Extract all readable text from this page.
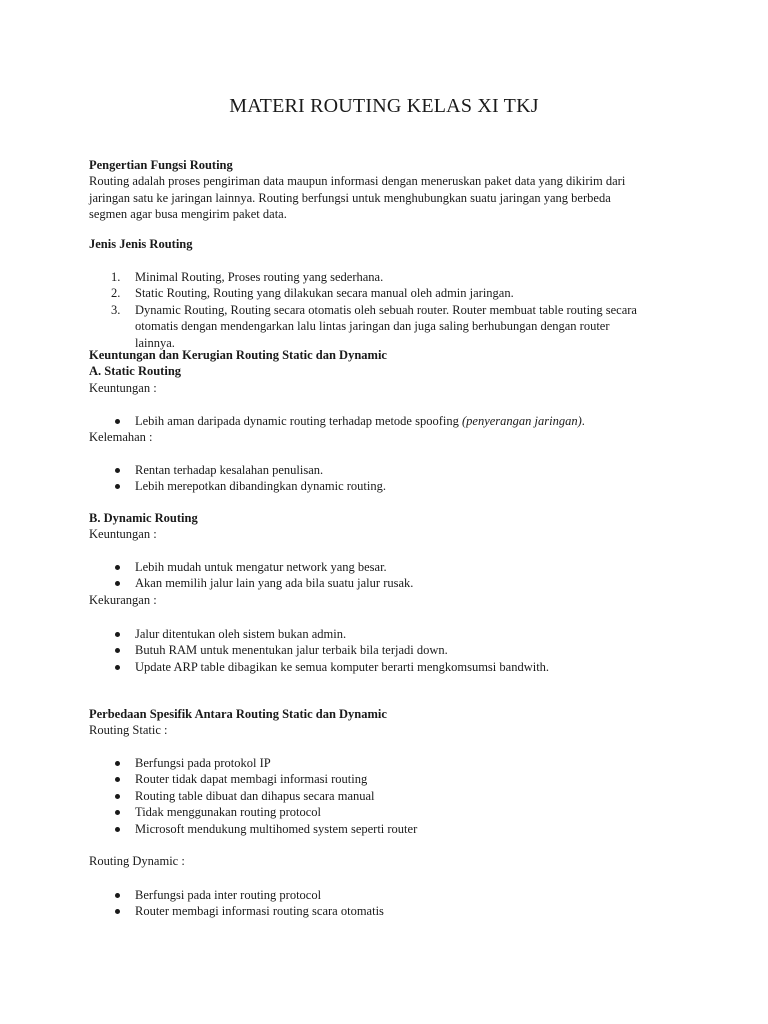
MATERI ROUTING KELAS XI TKJ
Pengertian Fungsi Routing
Routing adalah proses pengiriman data maupun informasi dengan meneruskan paket data yang dikirim dari
jaringan satu ke jaringan lainnya. Routing berfungsi untuk menghubungkan suatu jaringan yang berbeda
segmen agar busa mengirim paket data.
Jenis Jenis Routing
1. Minimal Routing, Proses routing yang sederhana.
2. Static Routing, Routing yang dilakukan secara manual oleh admin jaringan.
3. Dynamic Routing, Routing secara otomatis oleh sebuah router. Router membuat table routing secara
otomatis dengan mendengarkan lalu lintas jaringan dan juga saling berhubungan dengan router
lainnya.
Keuntungan dan Kerugian Routing Static dan Dynamic
A. Static Routing
Keuntungan :
Lebih aman daripada dynamic routing terhadap metode spoofing (penyerangan jaringan).
Kelemahan :
Rentan terhadap kesalahan penulisan.
Lebih merepotkan dibandingkan dynamic routing.
B. Dynamic Routing
Keuntungan :
Lebih mudah untuk mengatur network yang besar.
Akan memilih jalur lain yang ada bila suatu jalur rusak.
Kekurangan :
Jalur ditentukan oleh sistem bukan admin.
Butuh RAM untuk menentukan jalur terbaik bila terjadi down.
Update ARP table dibagikan ke semua komputer berarti mengkomsumsi bandwith.
Perbedaan Spesifik Antara Routing Static dan Dynamic
Routing Static :
Berfungsi pada protokol IP
Router tidak dapat membagi informasi routing
Routing table dibuat dan dihapus secara manual
Tidak menggunakan routing protocol
Microsoft mendukung multihomed system seperti router
Routing Dynamic :
Berfungsi pada inter routing protocol
Router membagi informasi routing scara otomatis
